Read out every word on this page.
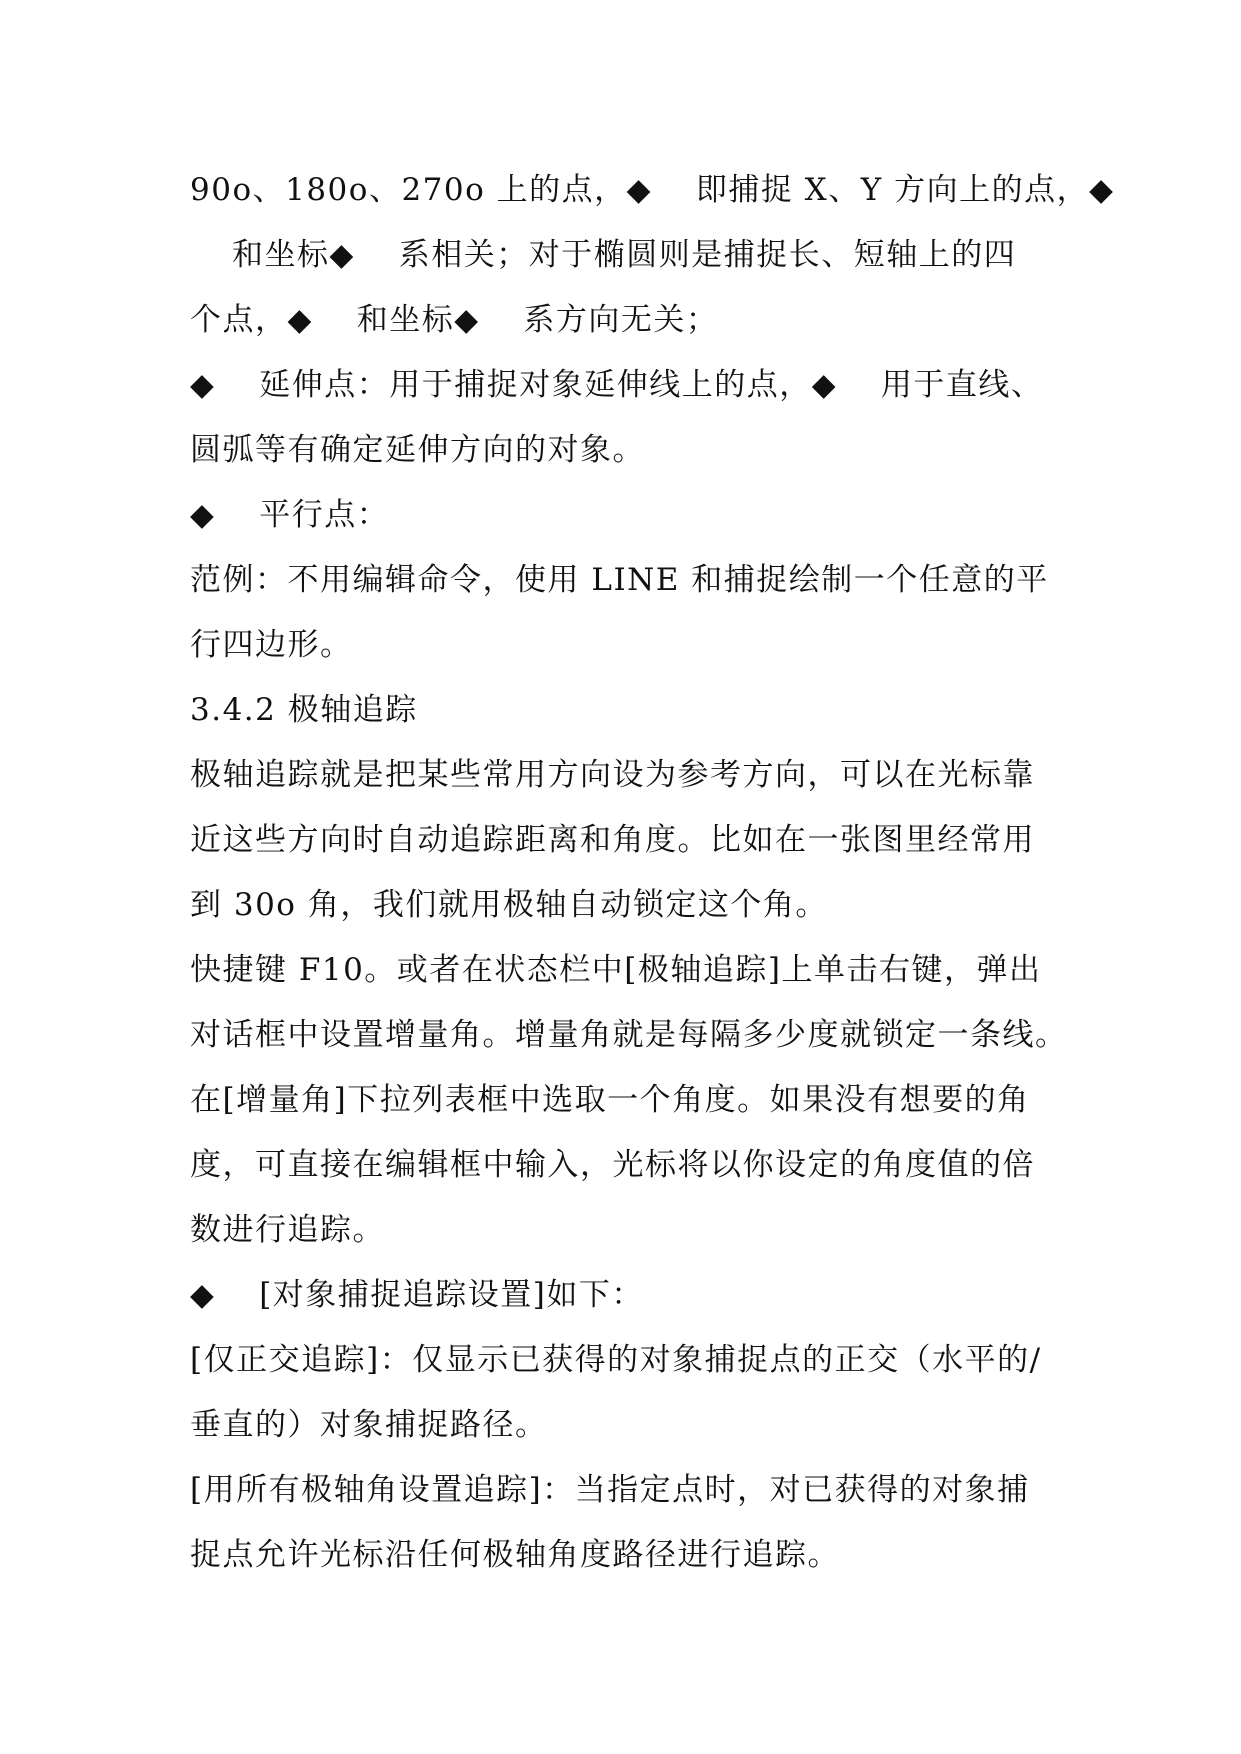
90o、180o、270o 上的点，◆　 即捕捉 X、Y 方向上的点，◆
和坐标◆　 系相关；对于椭圆则是捕捉长、短轴上的四
个点，◆　 和坐标◆　 系方向无关；
◆　 延伸点：用于捕捉对象延伸线上的点，◆　 用于直线、
圆弧等有确定延伸方向的对象。
◆　 平行点：
范例：不用编辑命令，使用 LINE 和捕捉绘制一个任意的平
行四边形。
3.4.2 极轴追踪
极轴追踪就是把某些常用方向设为参考方向，可以在光标靠
近这些方向时自动追踪距离和角度。比如在一张图里经常用
到 30o 角，我们就用极轴自动锁定这个角。
快捷键 F10。或者在状态栏中[极轴追踪]上单击右键，弹出
对话框中设置增量角。增量角就是每隔多少度就锁定一条线。
在[增量角]下拉列表框中选取一个角度。如果没有想要的角
度，可直接在编辑框中输入，光标将以你设定的角度值的倍
数进行追踪。
◆　 [对象捕捉追踪设置]如下：
[仅正交追踪]：仅显示已获得的对象捕捉点的正交（水平的/
垂直的）对象捕捉路径。
[用所有极轴角设置追踪]：当指定点时，对已获得的对象捕
捉点允许光标沿任何极轴角度路径进行追踪。
